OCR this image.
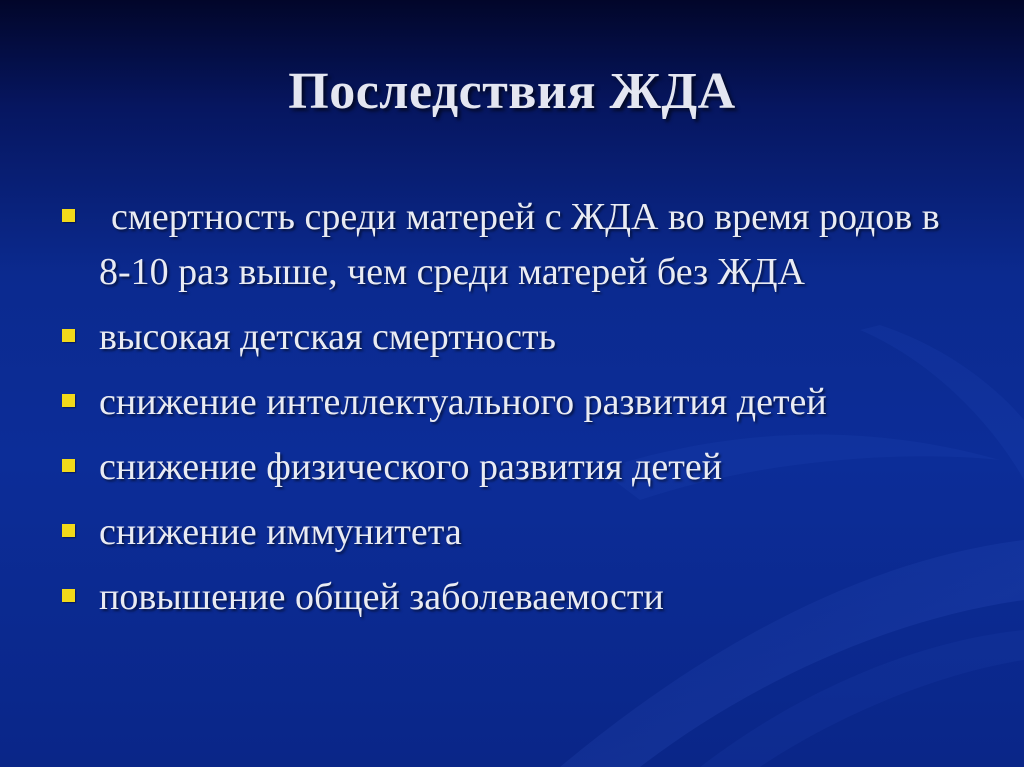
Последствия ЖДА
смертность среди матерей с ЖДА во время родов в 8-10 раз выше, чем среди матерей без ЖДА
высокая детская смертность
снижение интеллектуального развития детей
снижение физического развития детей
снижение иммунитета
повышение общей заболеваемости
